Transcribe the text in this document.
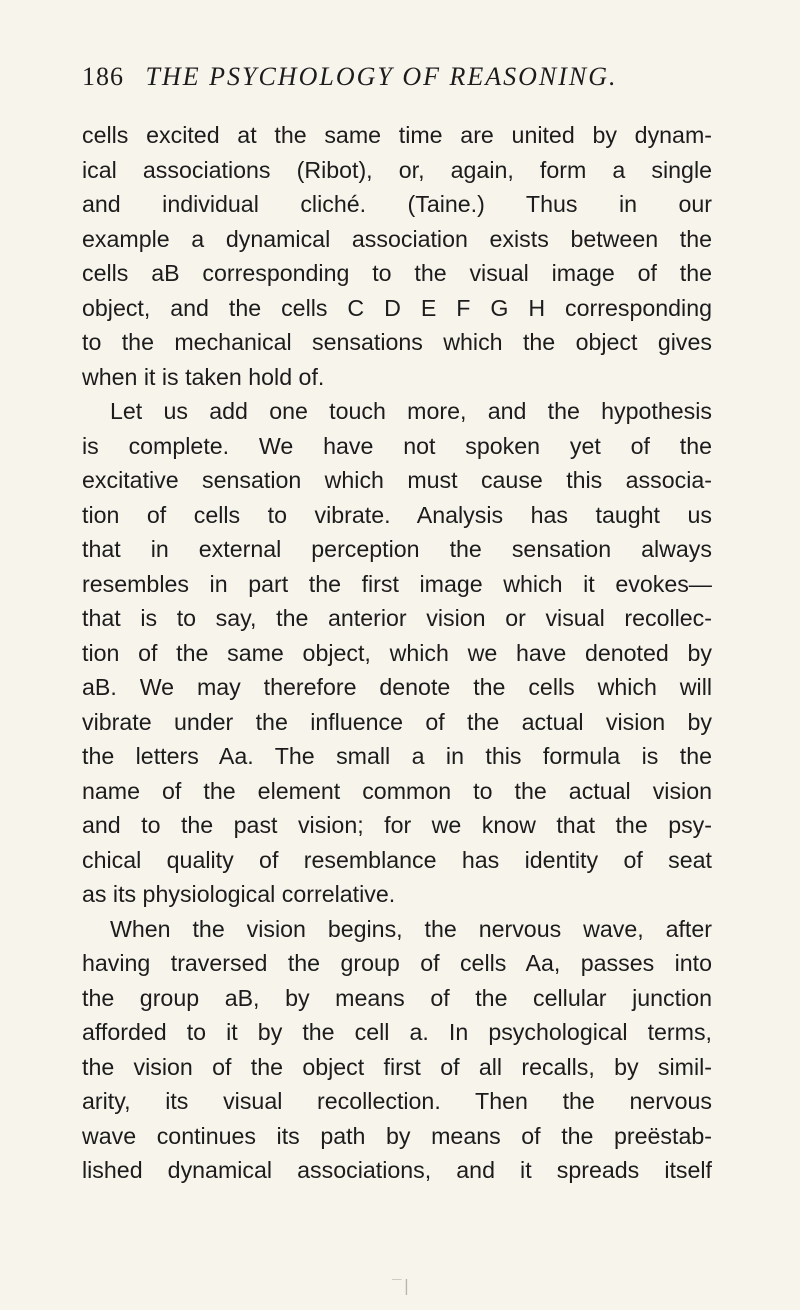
186 THE PSYCHOLOGY OF REASONING.
cells excited at the same time are united by dynam-
ical associations (Ribot), or, again, form a single
and individual cliché. (Taine.) Thus in our
example a dynamical association exists between the
cells aB corresponding to the visual image of the
object, and the cells C D E F G H corresponding
to the mechanical sensations which the object gives
when it is taken hold of.
Let us add one touch more, and the hypothesis
is complete. We have not spoken yet of the
excitative sensation which must cause this associa-
tion of cells to vibrate. Analysis has taught us
that in external perception the sensation always
resembles in part the first image which it evokes—
that is to say, the anterior vision or visual recollec-
tion of the same object, which we have denoted by
aB. We may therefore denote the cells which will
vibrate under the influence of the actual vision by
the letters Aa. The small a in this formula is the
name of the element common to the actual vision
and to the past vision; for we know that the psy-
chical quality of resemblance has identity of seat
as its physiological correlative.
When the vision begins, the nervous wave, after
having traversed the group of cells Aa, passes into
the group aB, by means of the cellular junction
afforded to it by the cell a. In psychological terms,
the vision of the object first of all recalls, by simil-
arity, its visual recollection. Then the nervous
wave continues its path by means of the preëstab-
lished dynamical associations, and it spreads itself
‾|
